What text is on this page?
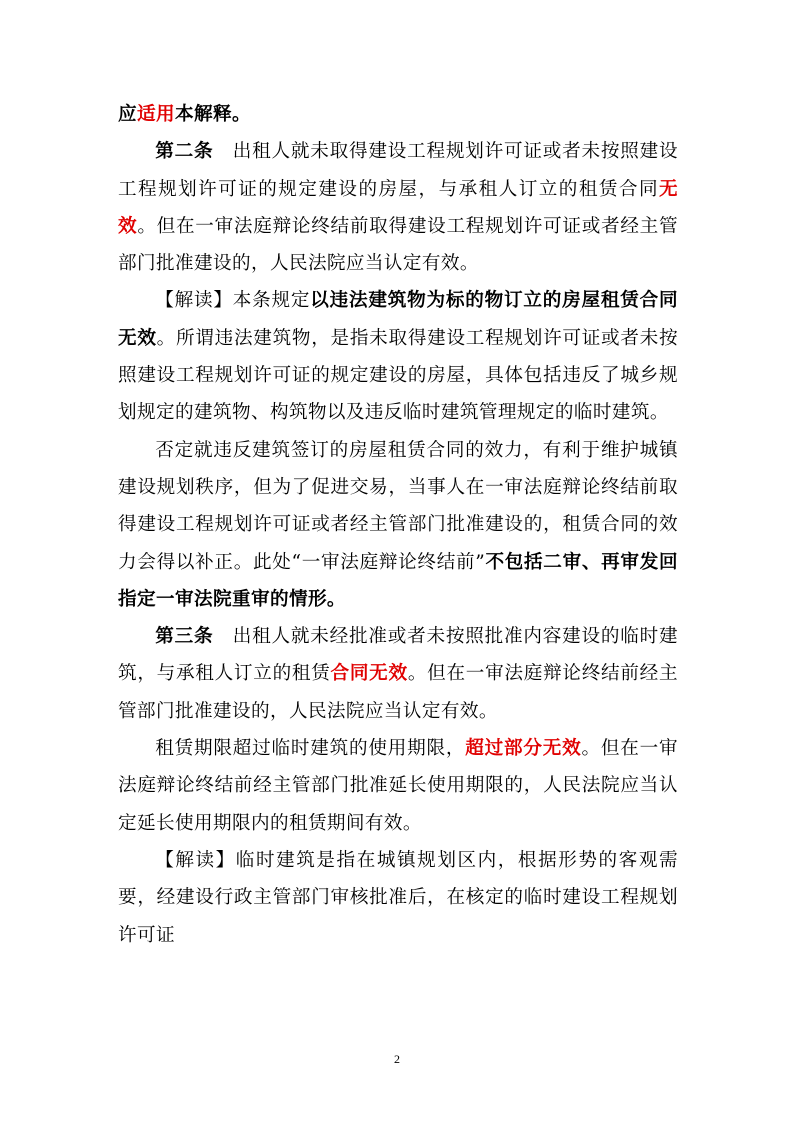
应适用本解释。

第二条　出租人就未取得建设工程规划许可证或者未按照建设工程规划许可证的规定建设的房屋，与承租人订立的租赁合同无效。但在一审法庭辩论终结前取得建设工程规划许可证或者经主管部门批准建设的，人民法院应当认定有效。

【解读】本条规定以违法建筑物为标的物订立的房屋租赁合同无效。所谓违法建筑物，是指未取得建设工程规划许可证或者未按照建设工程规划许可证的规定建设的房屋，具体包括违反了城乡规划规定的建筑物、构筑物以及违反临时建筑管理规定的临时建筑。

否定就违反建筑签订的房屋租赁合同的效力，有利于维护城镇建设规划秩序，但为了促进交易，当事人在一审法庭辩论终结前取得建设工程规划许可证或者经主管部门批准建设的，租赁合同的效力会得以补正。此处“一审法庭辩论终结前”不包括二审、再审发回指定一审法院重审的情形。

第三条　出租人就未经批准或者未按照批准内容建设的临时建筑，与承租人订立的租赁合同无效。但在一审法庭辩论终结前经主管部门批准建设的，人民法院应当认定有效。

租赁期限超过临时建筑的使用期限，超过部分无效。但在一审法庭辩论终结前经主管部门批准延长使用期限的，人民法院应当认定延长使用期限内的租赁期间有效。

【解读】临时建筑是指在城镇规划区内，根据形势的客观需要，经建设行政主管部门审核批准后，在核定的临时建设工程规划许可证

2
